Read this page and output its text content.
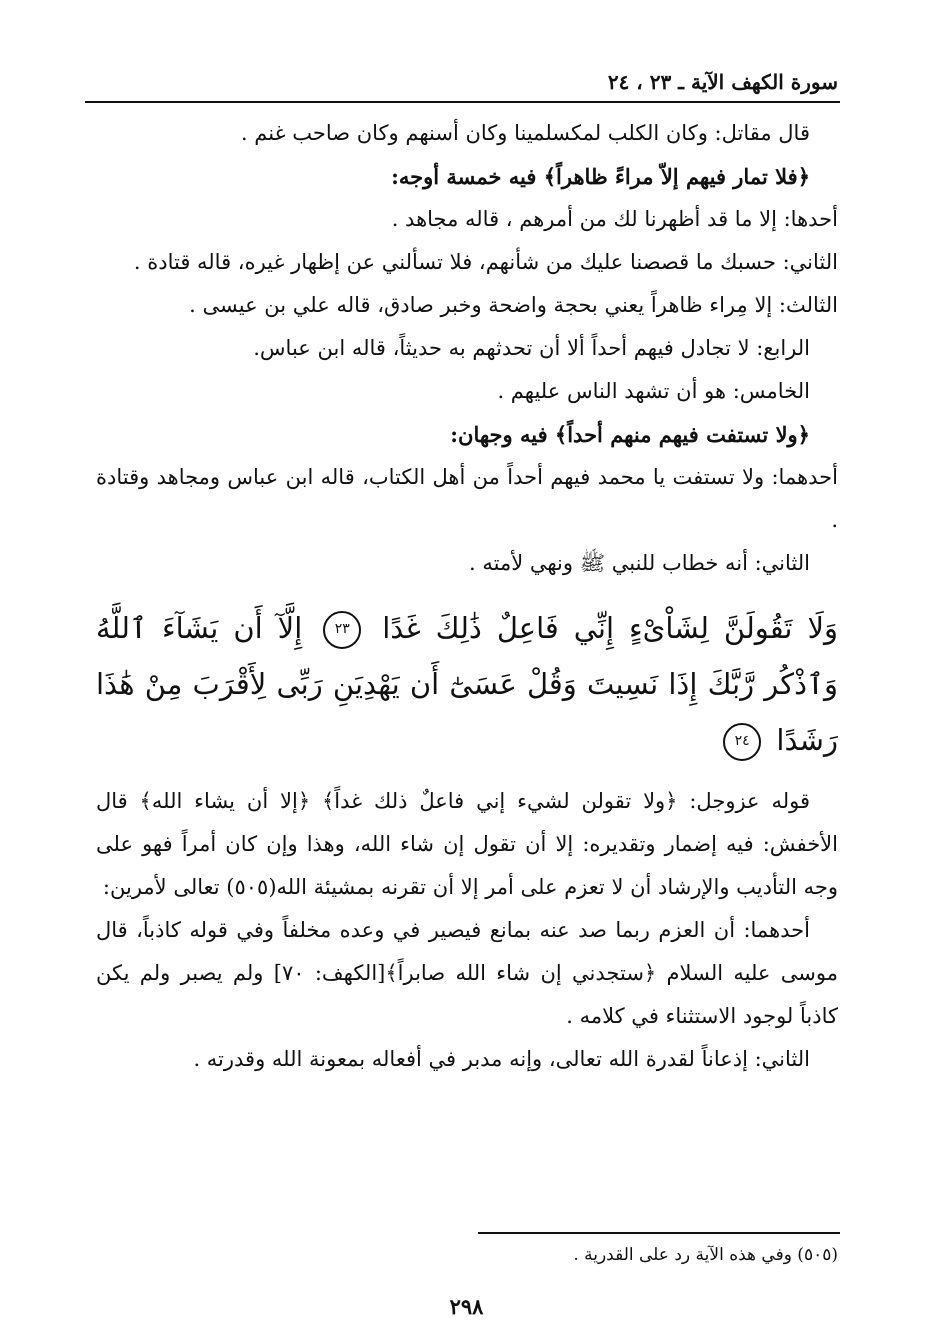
سورة الكهف الآية ـ ٢٣ ، ٢٤

قال مقاتل: وكان الكلب لمكسلمينا وكان أسنهم وكان صاحب غنم .

﴿فلا تمار فيهم إلاّ مراءً ظاهراً﴾ فيه خمسة أوجه:

أحدها: إلا ما قد أظهرنا لك من أمرهم ، قاله مجاهد .

الثاني: حسبك ما قصصنا عليك من شأنهم، فلا تسألني عن إظهار غيره، قاله قتادة .

الثالث: إلا مِراء ظاهراً يعني بحجة واضحة وخبر صادق، قاله علي بن عيسى .

الرابع: لا تجادل فيهم أحداً ألا أن تحدثهم به حديثاً، قاله ابن عباس.

الخامس: هو أن تشهد الناس عليهم .

﴿ولا تستفت فيهم منهم أحداً﴾ فيه وجهان:

أحدهما: ولا تستفت يا محمد فيهم أحداً من أهل الكتاب، قاله ابن عباس ومجاهد وقتادة .

الثاني: أنه خطاب للنبي ﷺ ونهي لأمته .

وَلَا تَقُولَنَّ لِشَاْىْءٍ إِنِّي فَاعِلٌ ذَٰلِكَ غَدًا ٢٣ إِلَّآ أَن يَشَآءَ ٱللَّهُ وَٱذْكُر رَّبَّكَ إِذَا نَسِيتَ وَقُلْ عَسَىٰٓ أَن يَهْدِيَنِ رَبِّى لِأَقْرَبَ مِنْ هَٰذَا رَشَدًا ٢٤

قوله عزوجل: ﴿ولا تقولن لشيء إني فاعلٌ ذلك غداً﴾ ﴿إلا أن يشاء الله﴾ قال الأخفش: فيه إضمار وتقديره: إلا أن تقول إن شاء الله، وهذا وإن كان أمراً فهو على وجه التأديب والإرشاد أن لا تعزم على أمر إلا أن تقرنه بمشيئة الله(٥٠٥) تعالى لأمرين:

أحدهما: أن العزم ربما صد عنه بمانع فيصير في وعده مخلفاً وفي قوله كاذباً، قال موسى عليه السلام ﴿ستجدني إن شاء الله صابراً﴾[الكهف: ٧٠] ولم يصبر ولم يكن كاذباً لوجود الاستثناء في كلامه .

الثاني: إذعاناً لقدرة الله تعالى، وإنه مدبر في أفعاله بمعونة الله وقدرته .

(٥٠٥) وفي هذه الآية رد على القدرية .
٢٩٨
